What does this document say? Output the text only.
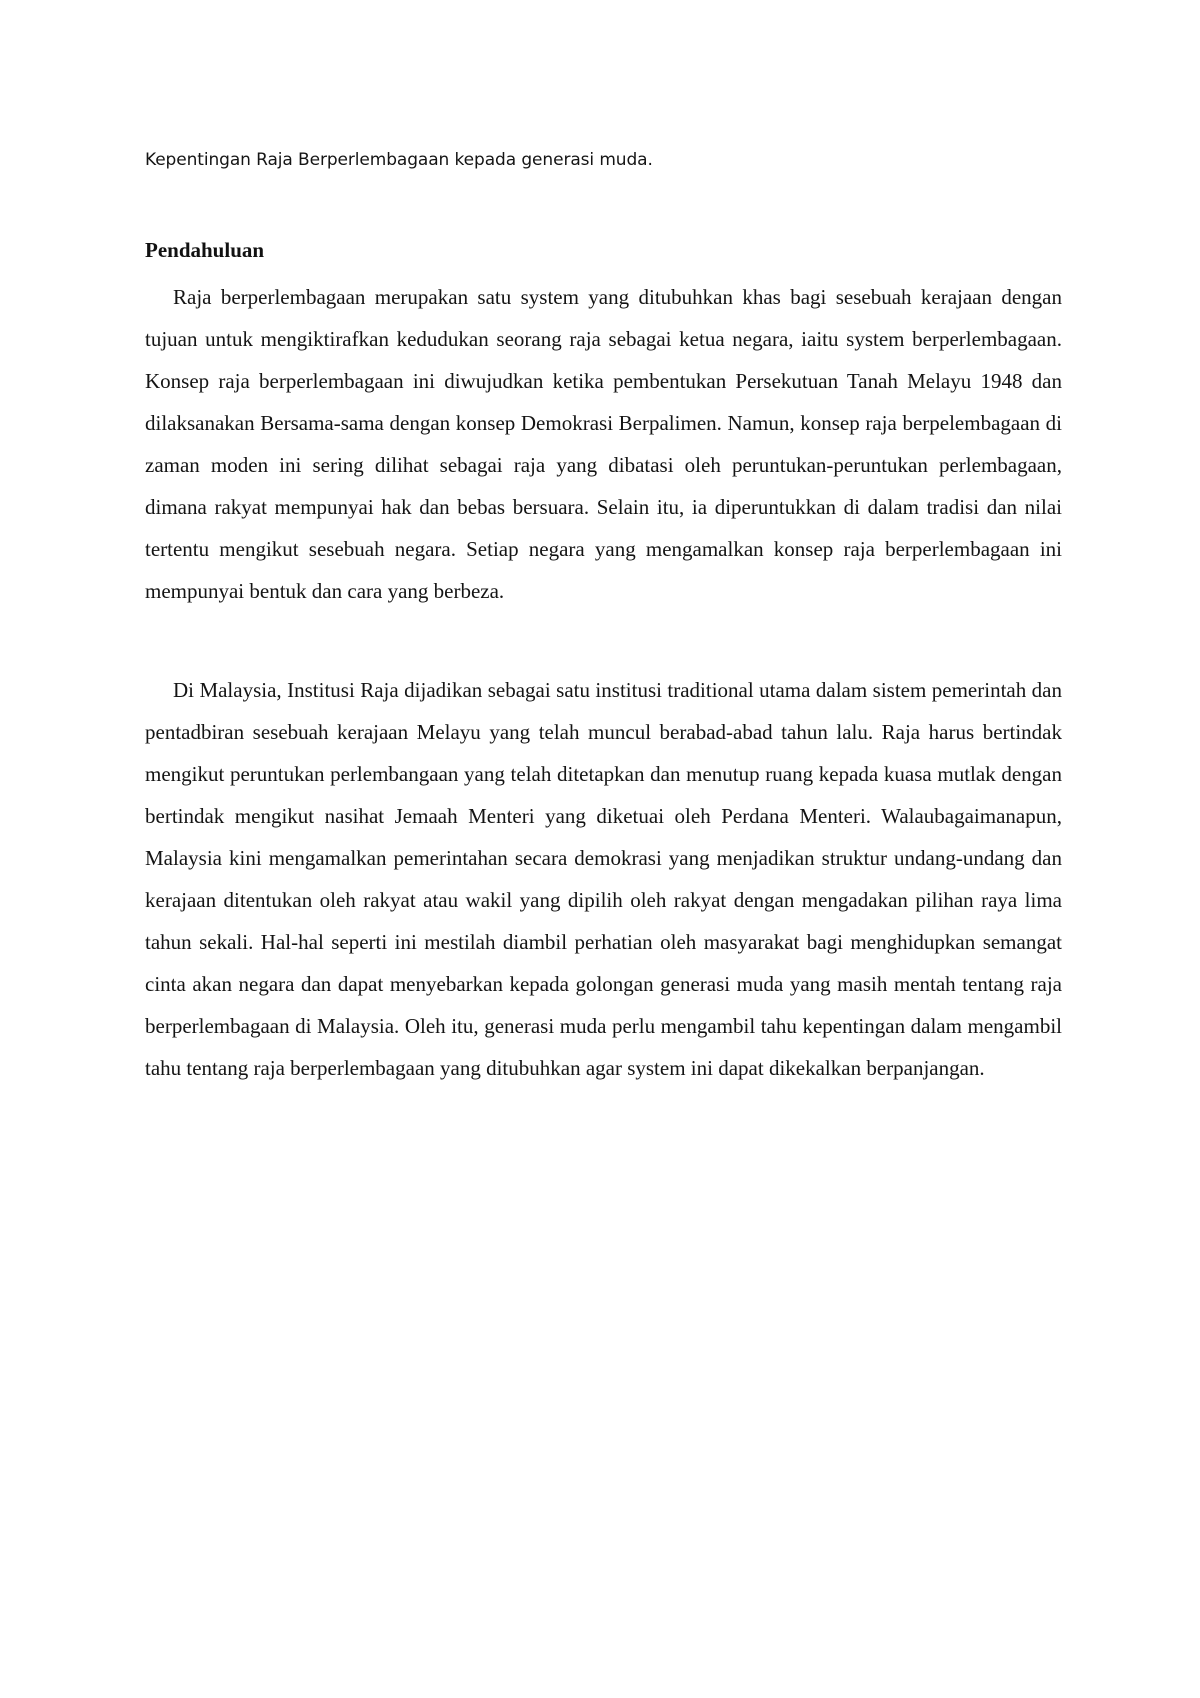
Kepentingan Raja Berperlembagaan kepada generasi muda.
Pendahuluan

Raja berperlembagaan merupakan satu system yang ditubuhkan khas bagi sesebuah kerajaan dengan tujuan untuk mengiktirafkan kedudukan seorang raja sebagai ketua negara, iaitu system berperlembagaan. Konsep raja berperlembagaan ini diwujudkan ketika pembentukan Persekutuan Tanah Melayu 1948 dan dilaksanakan Bersama-sama dengan konsep Demokrasi Berpalimen. Namun, konsep raja berpelembagaan di zaman moden ini sering dilihat sebagai raja yang dibatasi oleh peruntukan-peruntukan perlembagaan, dimana rakyat mempunyai hak dan bebas bersuara. Selain itu, ia diperuntukkan di dalam tradisi dan nilai tertentu mengikut sesebuah negara. Setiap negara yang mengamalkan konsep raja berperlembagaan ini mempunyai bentuk dan cara yang berbeza.

Di Malaysia, Institusi Raja dijadikan sebagai satu institusi traditional utama dalam sistem pemerintah dan pentadbiran sesebuah kerajaan Melayu yang telah muncul berabad-abad tahun lalu. Raja harus bertindak mengikut peruntukan perlembangaan yang telah ditetapkan dan menutup ruang kepada kuasa mutlak dengan bertindak mengikut nasihat Jemaah Menteri yang diketuai oleh Perdana Menteri. Walaubagaimanapun, Malaysia kini mengamalkan pemerintahan secara demokrasi yang menjadikan struktur undang-undang dan kerajaan ditentukan oleh rakyat atau wakil yang dipilih oleh rakyat dengan mengadakan pilihan raya lima tahun sekali. Hal-hal seperti ini mestilah diambil perhatian oleh masyarakat bagi menghidupkan semangat cinta akan negara dan dapat menyebarkan kepada golongan generasi muda yang masih mentah tentang raja berperlembagaan di Malaysia. Oleh itu, generasi muda perlu mengambil tahu kepentingan dalam mengambil tahu tentang raja berperlembagaan yang ditubuhkan agar system ini dapat dikekalkan berpanjangan.
